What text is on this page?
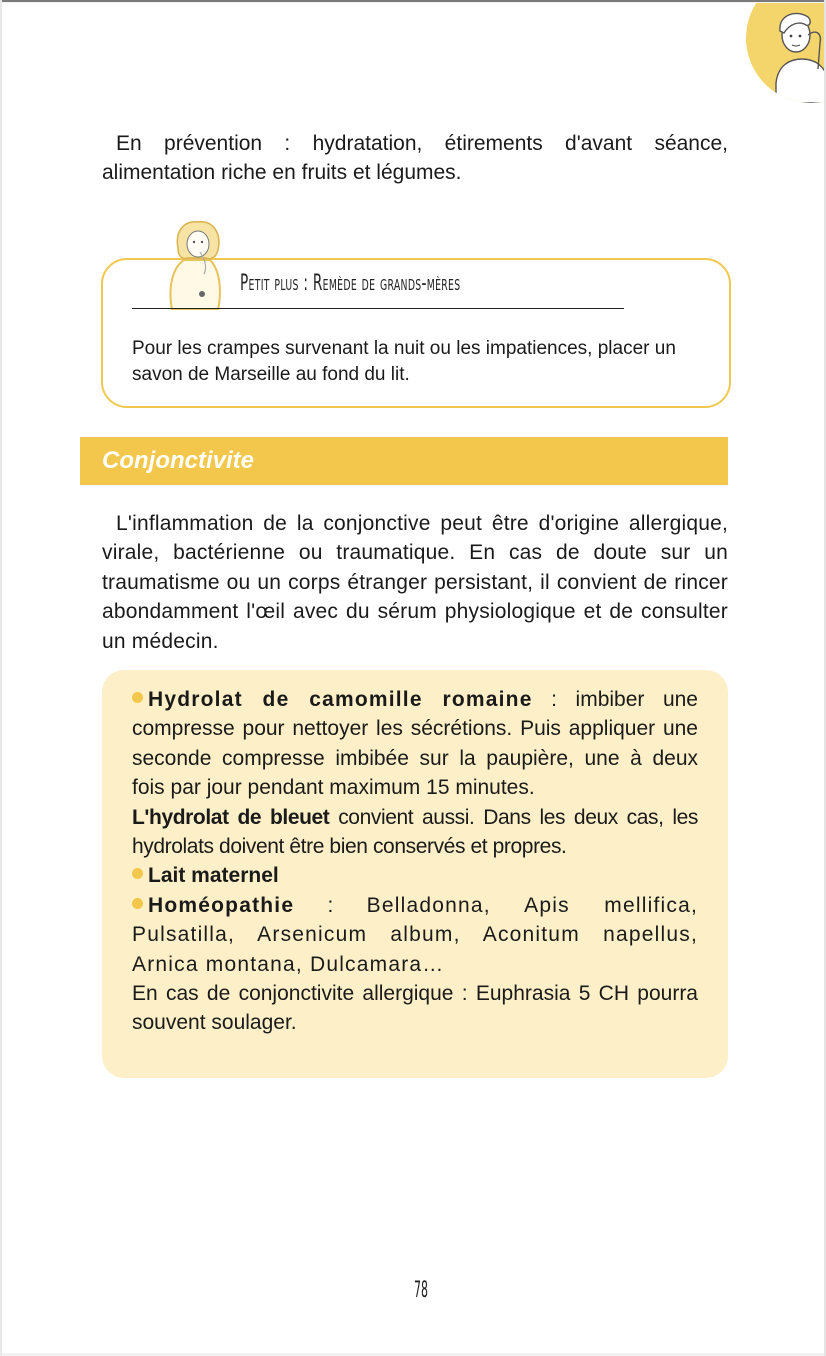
En prévention : hydratation, étirements d'avant séance, alimentation riche en fruits et légumes.
Petit plus : Remède de grands-mères
Pour les crampes survenant la nuit ou les impatiences, placer un savon de Marseille au fond du lit.
Conjonctivite
L'inflammation de la conjonctive peut être d'origine allergique, virale, bactérienne ou traumatique. En cas de doute sur un traumatisme ou un corps étranger persistant, il convient de rincer abondamment l'œil avec du sérum physiologique et de consulter un médecin.
Hydrolat de camomille romaine : imbiber une compresse pour nettoyer les sécrétions. Puis appliquer une seconde compresse imbibée sur la paupière, une à deux fois par jour pendant maximum 15 minutes.
L'hydrolat de bleuet convient aussi. Dans les deux cas, les hydrolats doivent être bien conservés et propres.
Lait maternel
Homéopathie : Belladonna, Apis mellifica, Pulsatilla, Arsenicum album, Aconitum napellus, Arnica montana, Dulcamara…
En cas de conjonctivite allergique : Euphrasia 5 CH pourra souvent soulager.
78
